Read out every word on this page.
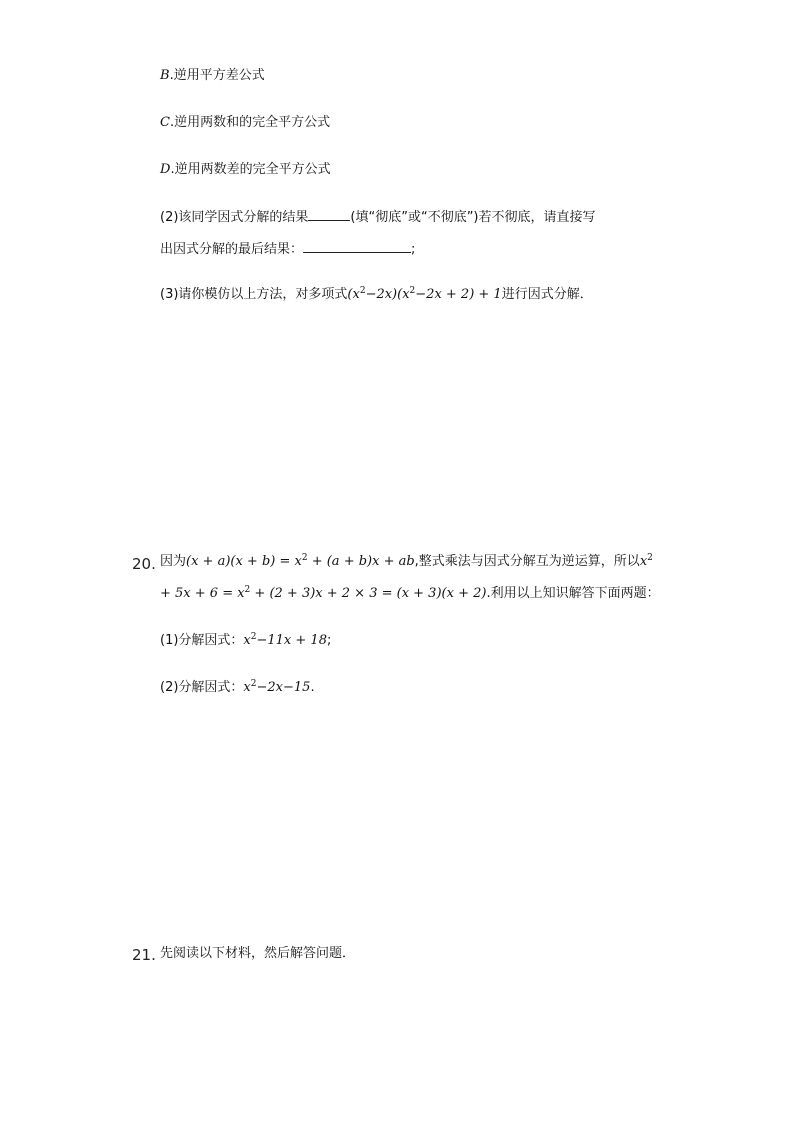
B.逆用平方差公式
C.逆用两数和的完全平方公式
D.逆用两数差的完全平方公式
(2)该同学因式分解的结果	(填“彻底”或“不彻底”)若不彻底，请直接写
出因式分解的最后结果：	;
(3)请你模仿以上方法，对多项式$(x^2-2x)(x^2-2x + 2) + 1$进行因式分解．
20. 因为$(x + a)(x + b) = x^2 + (a + b)x$ + ab,整式乘法与因式分解互为逆运算，所以$x^2$
+ $5x + 6 = x^2 + (2 + 3)x + 2 \times 3 = (x + 3)(x + 2)$.利用以上知识解答下面两题：
(1)分解因式：$x^2-11x + 18$;
(2)分解因式：$x^2-2x-15$.
21. 先阅读以下材料，然后解答问题．
